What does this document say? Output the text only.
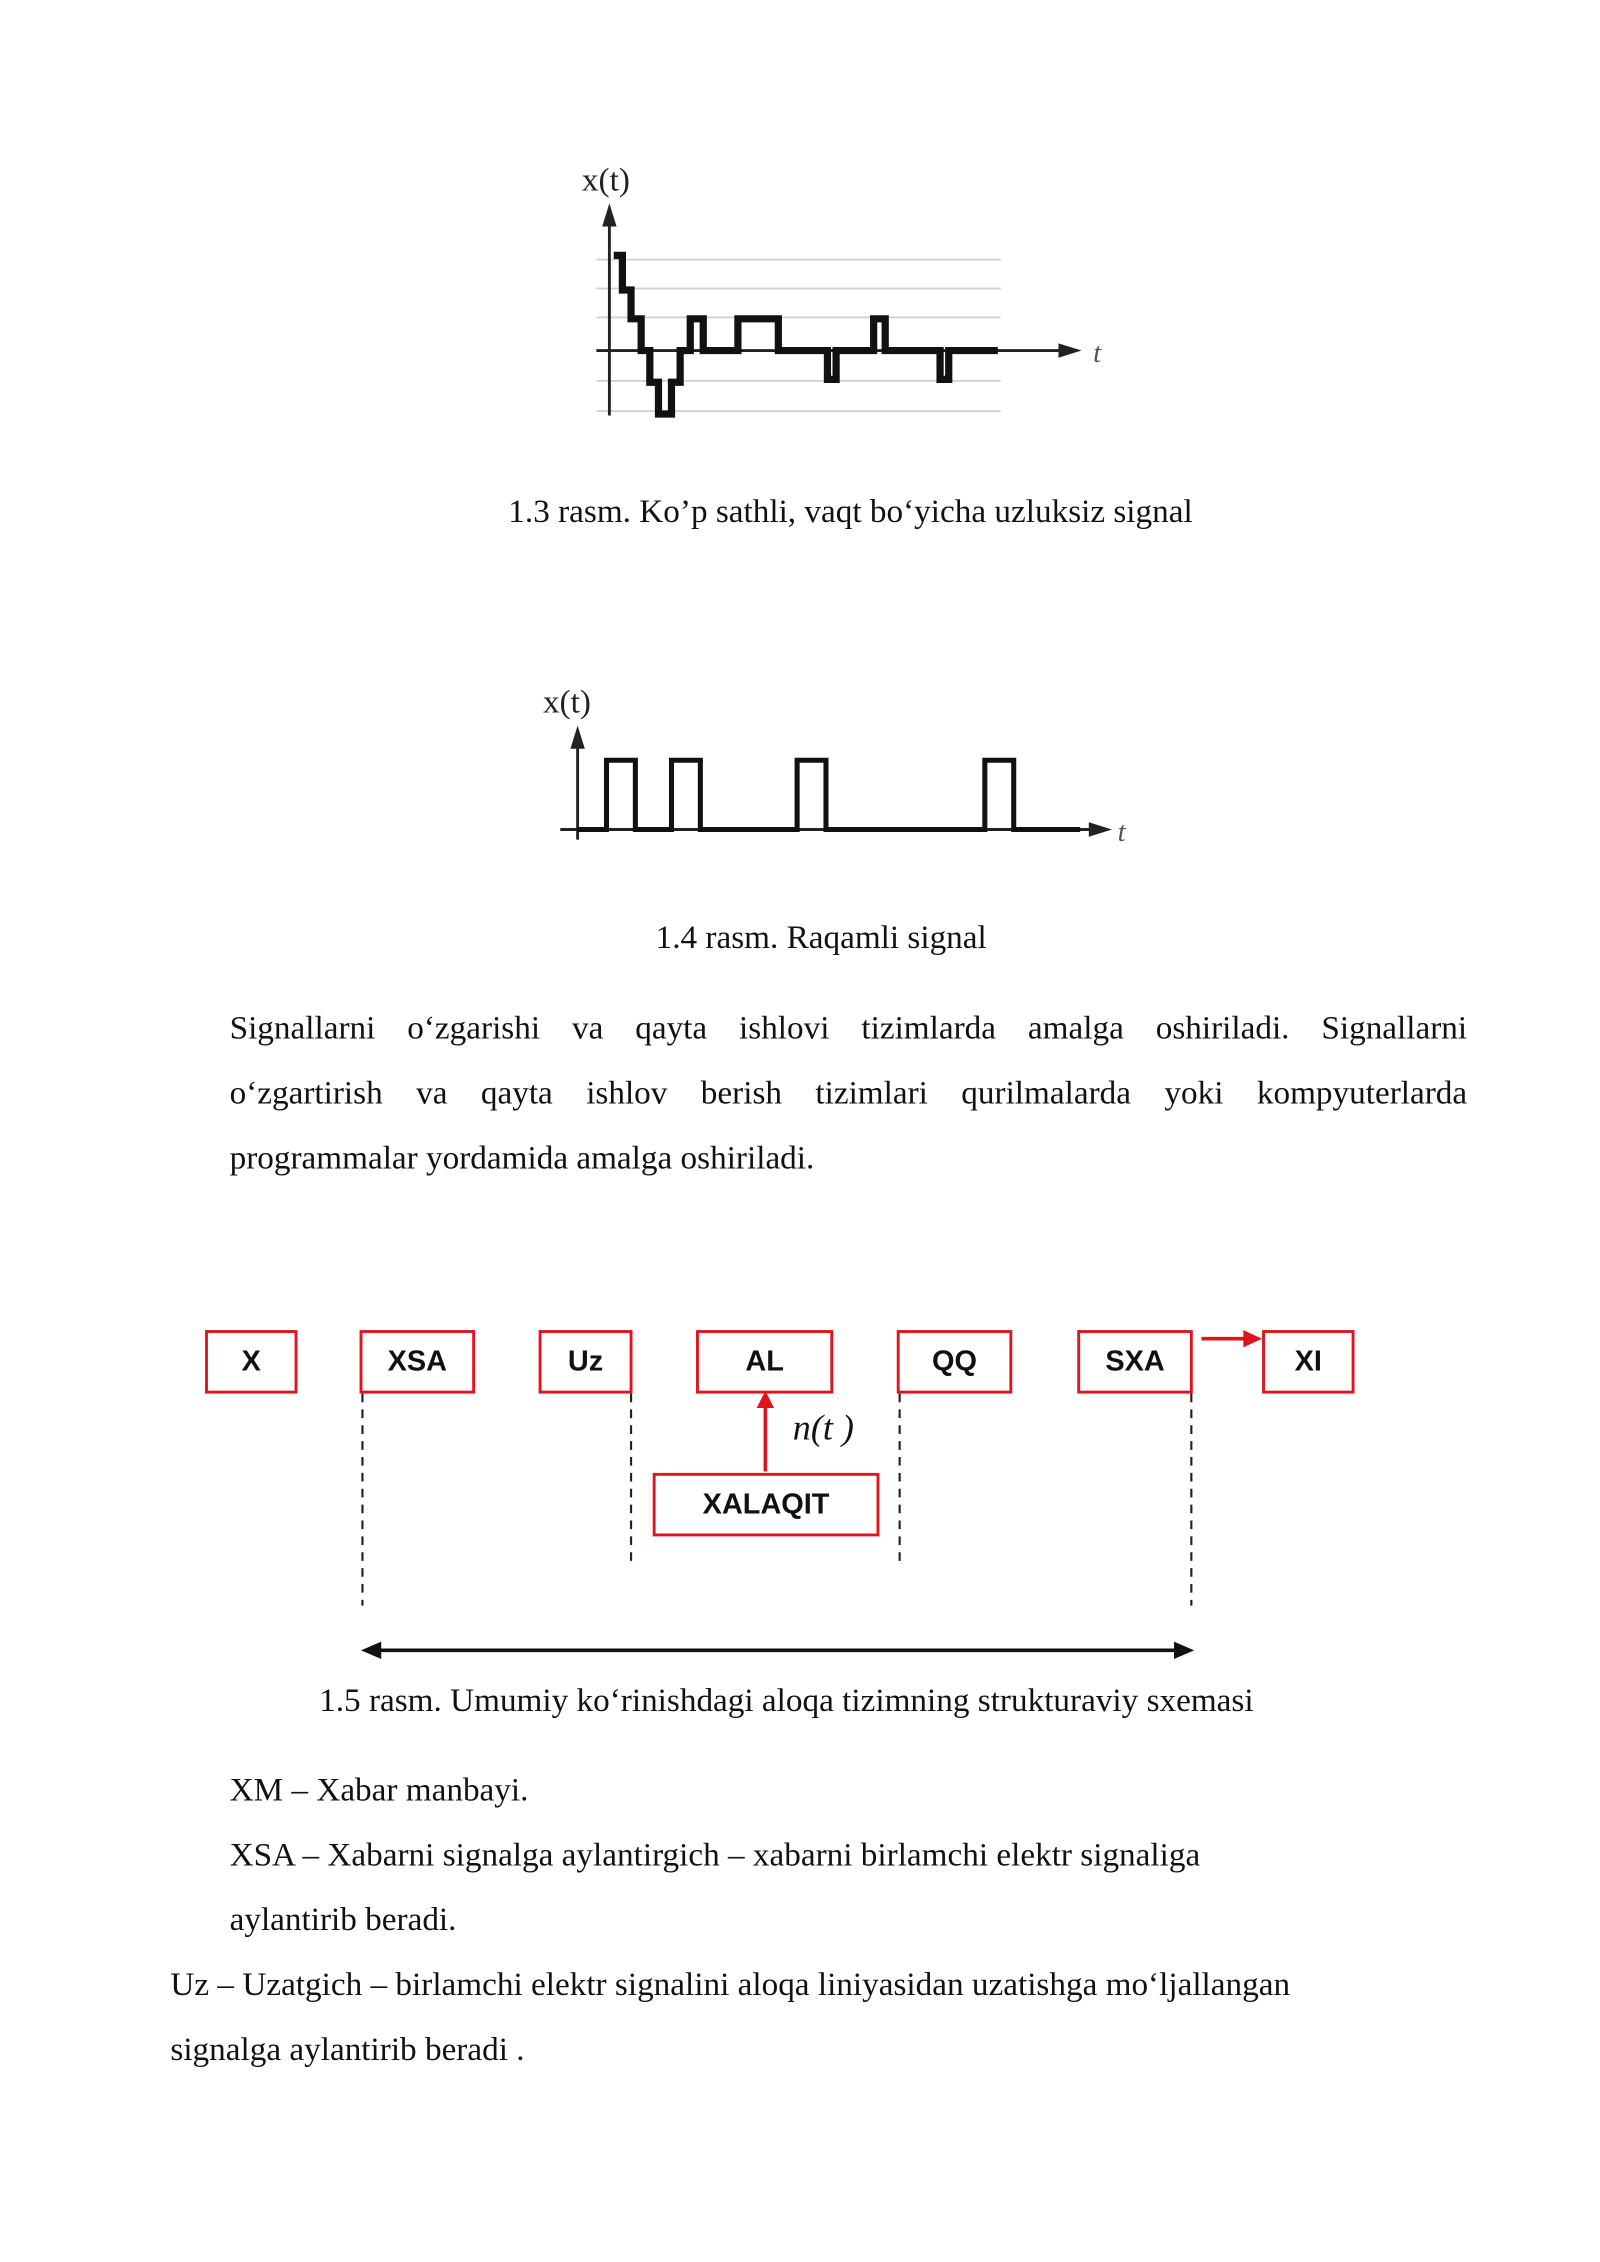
x(t)
t
1.3 rasm. Ko’p sathli, vaqt bo‘yicha uzluksiz signal
x(t)
t
1.4 rasm. Raqamli signal
Signallarni o‘zgarishi va qayta ishlovi tizimlarda amalga oshiriladi. Signallarni
o‘zgartirish va qayta ishlov berish tizimlari qurilmalarda yoki kompyuterlarda
programmalar yordamida amalga oshiriladi.
n(t )
X	XSA	Uz	AL	QQ	SXA	XI
XALAQIT
1.5 rasm. Umumiy ko‘rinishdagi aloqa tizimning strukturaviy sxemasi
XM – Xabar manbayi.
XSA – Xabarni signalga aylantirgich – xabarni birlamchi elektr signaliga
aylantirib beradi.
Uz – Uzatgich – birlamchi elektr signalini aloqa liniyasidan uzatishga mo‘ljallangan
signalga aylantirib beradi .
